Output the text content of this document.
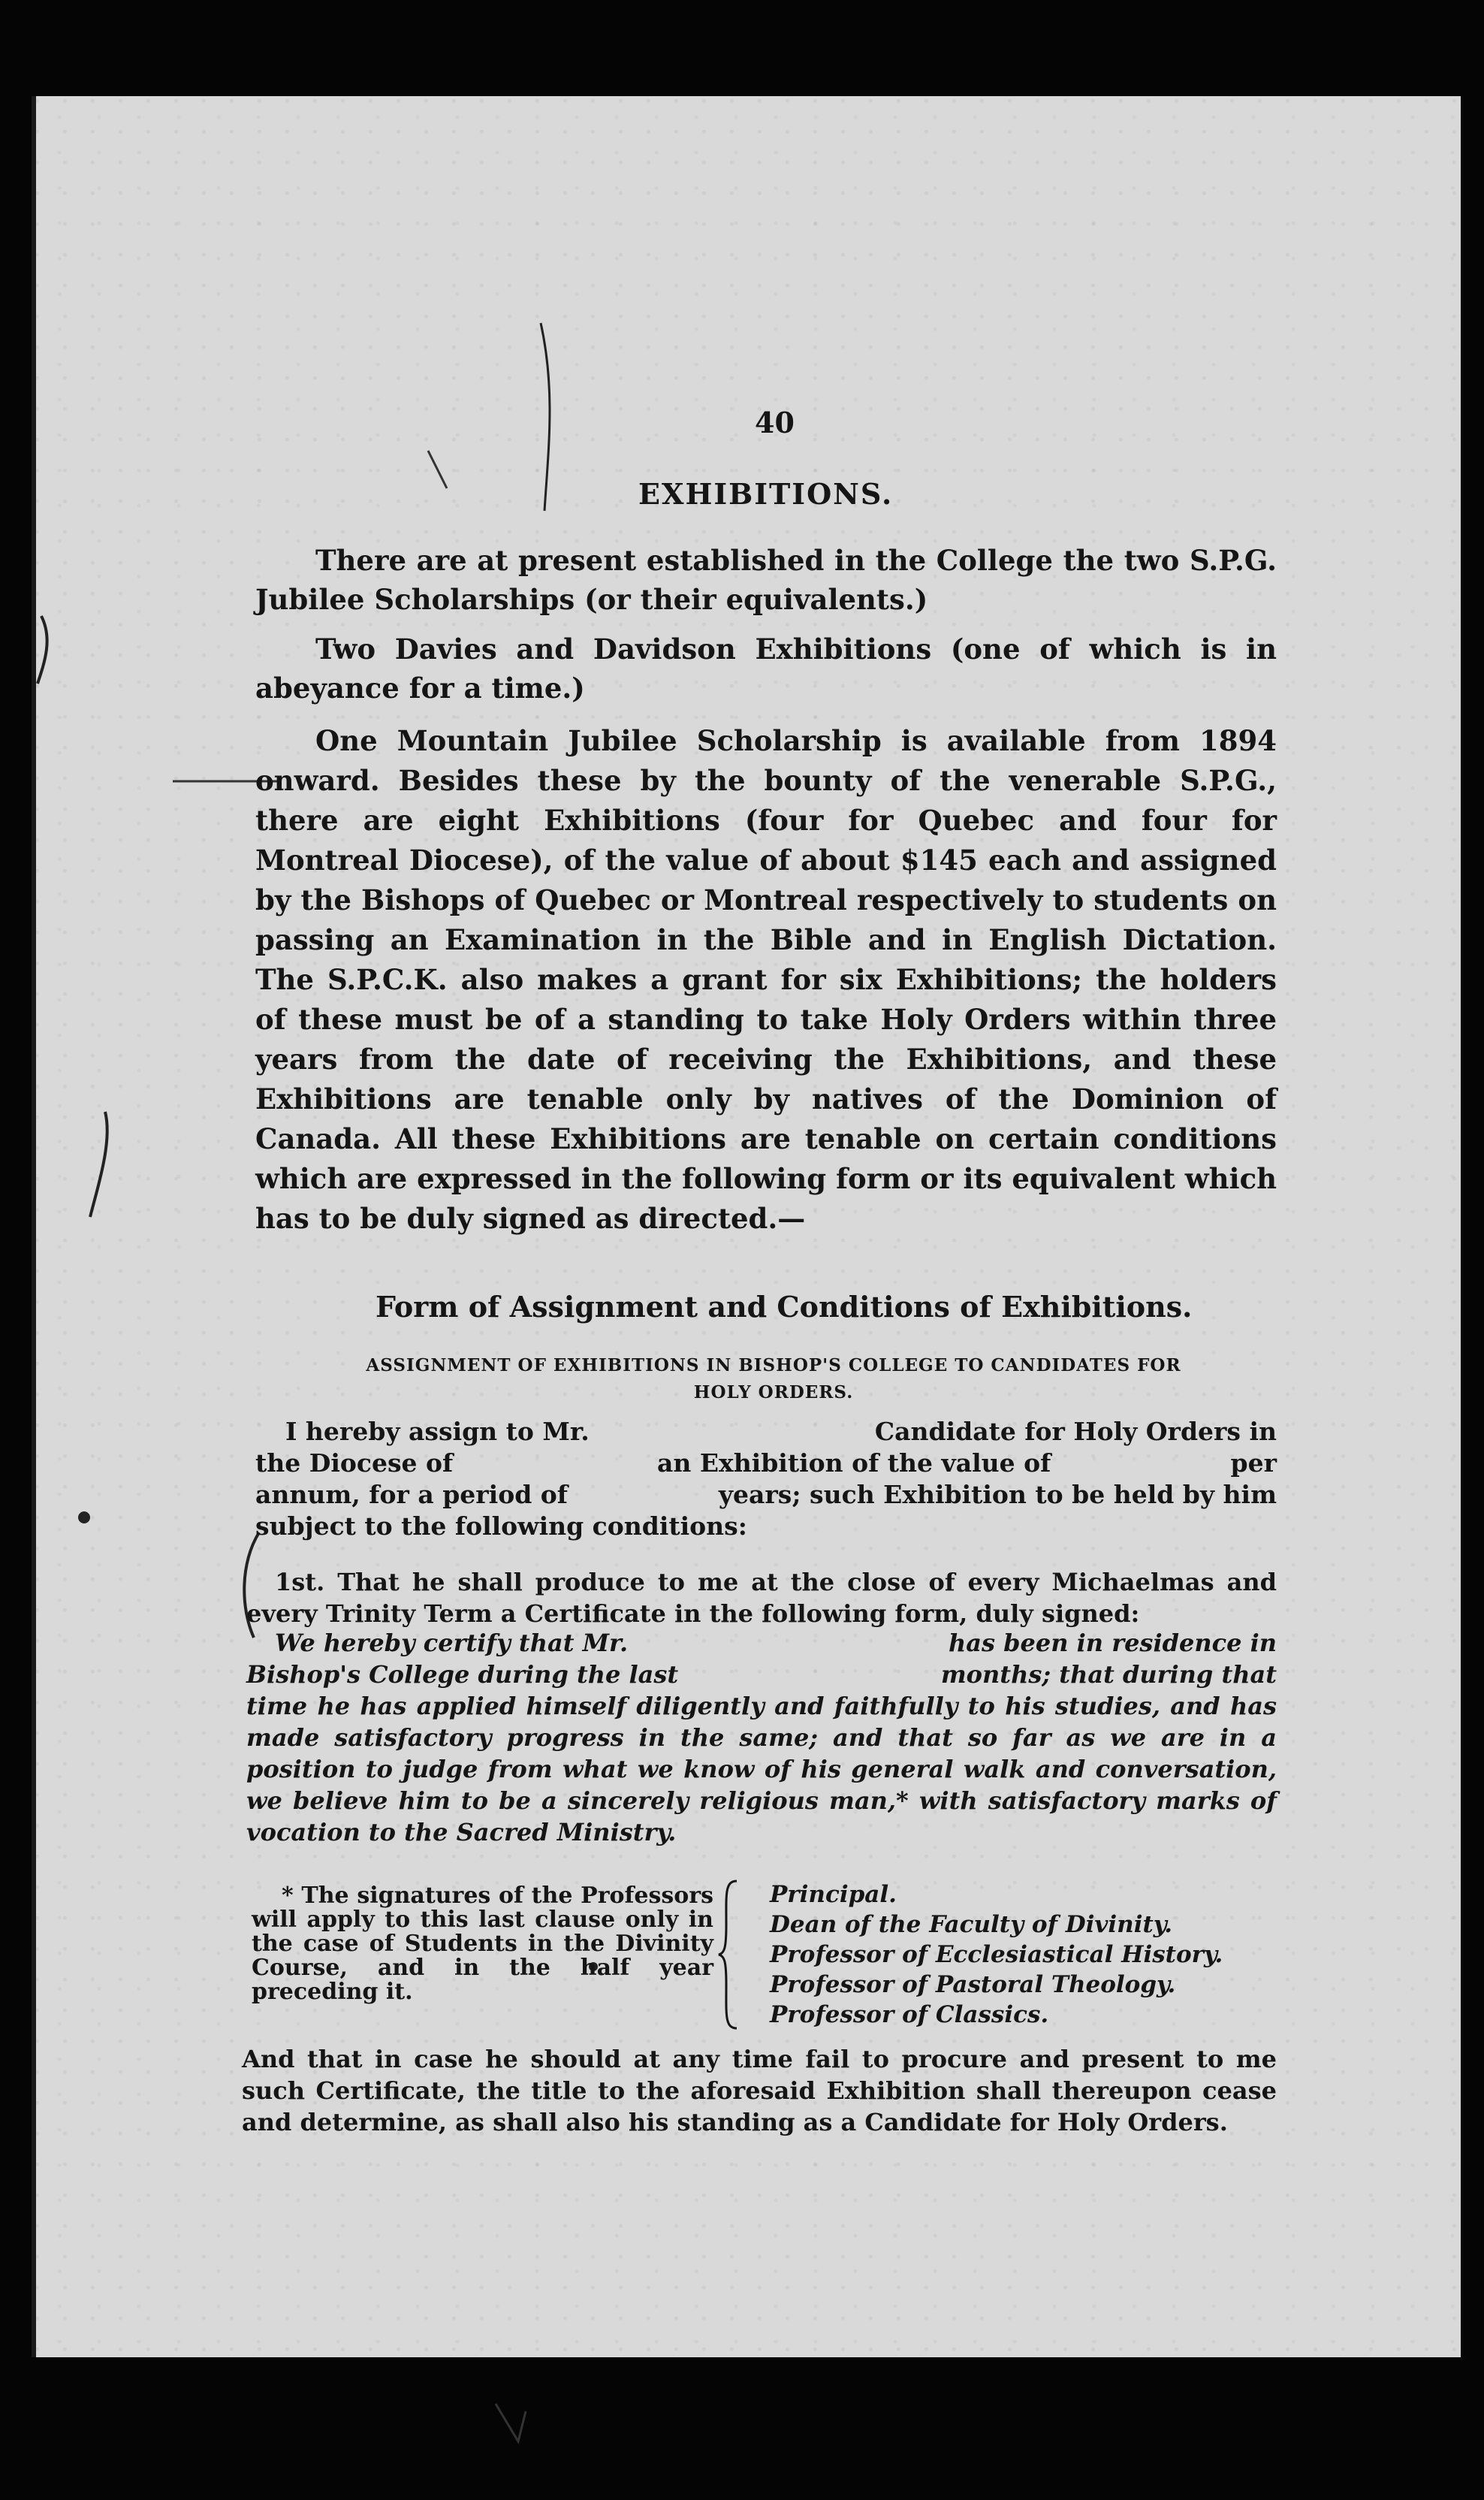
40
EXHIBITIONS.
There are at present established in the College the two S.P.G. Jubilee Scholarships (or their equivalents.)
Two Davies and Davidson Exhibitions (one of which is in abeyance for a time.)
One Mountain Jubilee Scholarship is available from 1894 onward. Besides these by the bounty of the venerable S.P.G., there are eight Exhibitions (four for Quebec and four for Montreal Diocese), of the value of about $145 each and assigned by the Bishops of Quebec or Montreal respectively to students on passing an Examination in the Bible and in English Dictation. The S.P.C.K. also makes a grant for six Exhibitions; the holders of these must be of a standing to take Holy Orders within three years from the date of receiving the Exhibitions, and these Exhibitions are tenable only by natives of the Dominion of Canada. All these Exhibitions are tenable on certain conditions which are expressed in the following form or its equivalent which has to be duly signed as directed.—
Form of Assignment and Conditions of Exhibitions.
ASSIGNMENT OF EXHIBITIONS IN BISHOP'S COLLEGE TO CANDIDATES FOR
HOLY ORDERS.
I hereby assign to Mr.	Candidate for Holy Orders in
the Diocese of	an Exhibition of the value of	per
annum, for a period of	years; such Exhibition to be held by him
subject to the following conditions:
1st. That he shall produce to me at the close of every Michaelmas and every Trinity Term a Certificate in the following form, duly signed:
We hereby certify that Mr.	has been in residence in
Bishop's College during the last	months; that during that
time he has applied himself diligently and faithfully to his studies, and has made satisfactory progress in the same; and that so far as we are in a position to judge from what we know of his general walk and conversation, we believe him to be a sincerely religious man,* with satisfactory marks of vocation to the Sacred Ministry.
* The signatures of the Professors will apply to this last clause only in the case of Students in the Divinity Course, and in the half year preceding it.
Principal.
Dean of the Faculty of Divinity.
Professor of Ecclesiastical History.
Professor of Pastoral Theology.
Professor of Classics.
And that in case he should at any time fail to procure and present to me such Certificate, the title to the aforesaid Exhibition shall thereupon cease and determine, as shall also his standing as a Candidate for Holy Orders.
